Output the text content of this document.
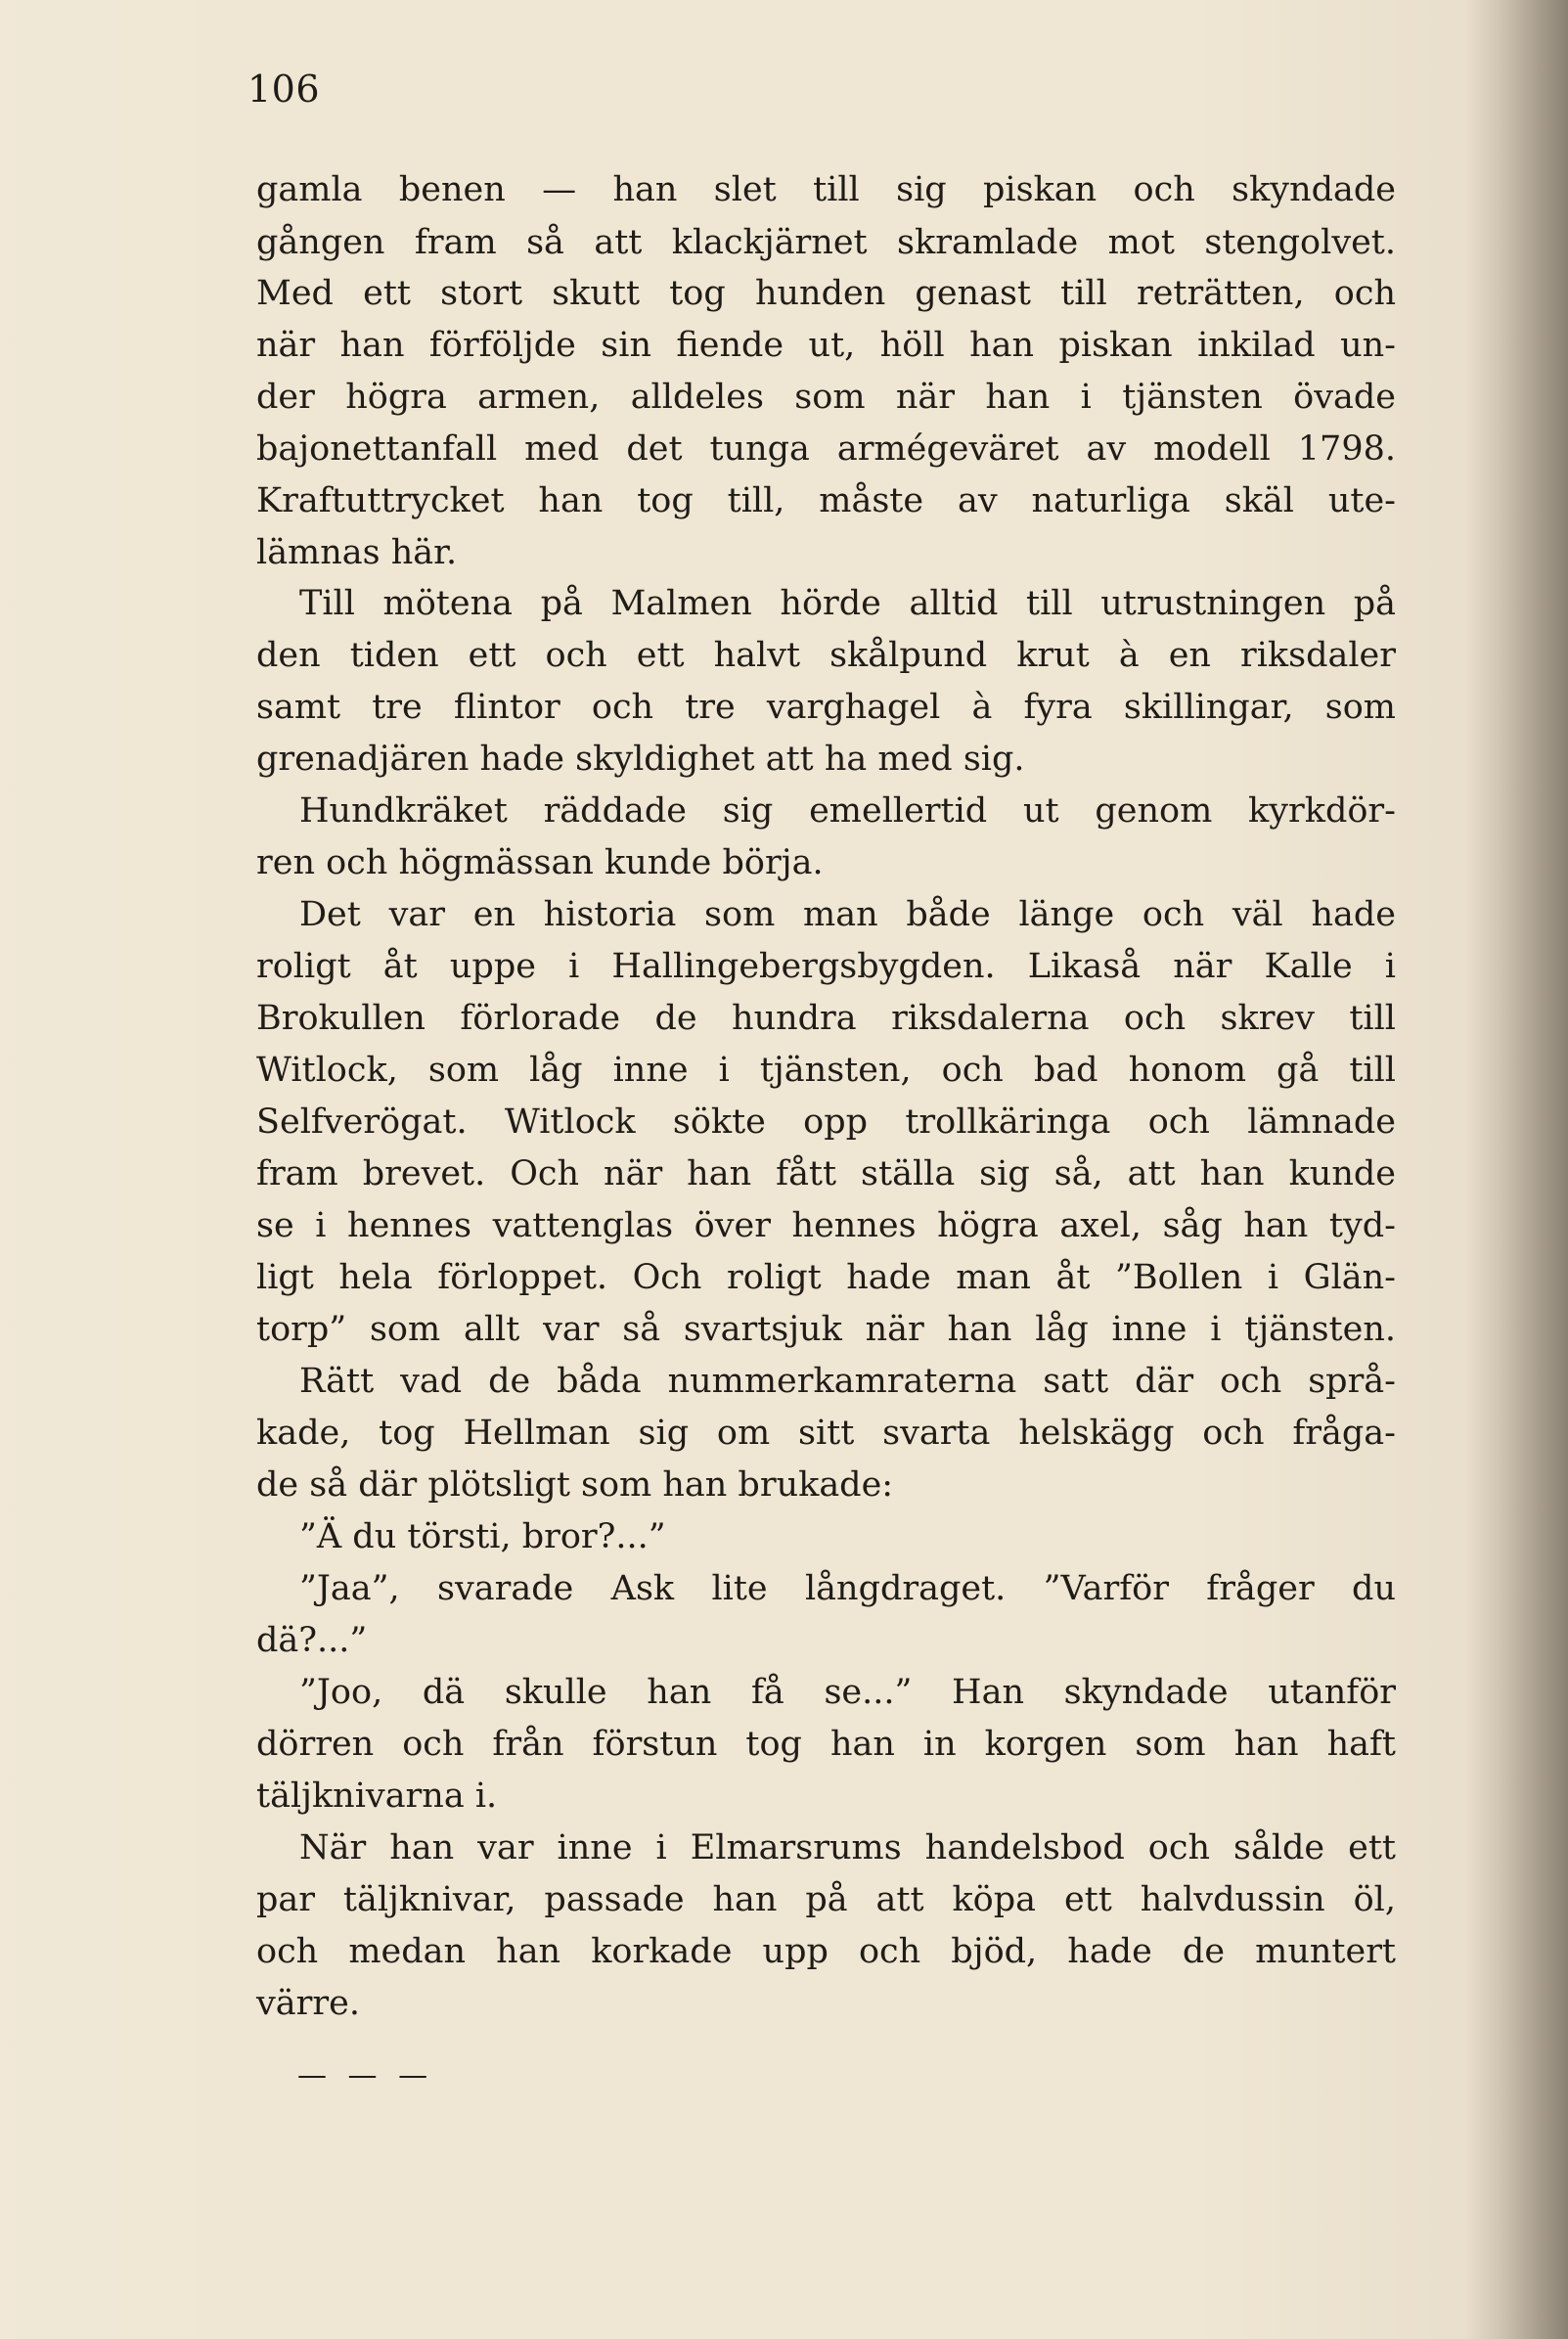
106
gamla benen — han slet till sig piskan och skyndade
gången fram så att klackjärnet skramlade mot stengolvet.
Med ett stort skutt tog hunden genast till reträtten, och
när han förföljde sin fiende ut, höll han piskan inkilad un-
der högra armen, alldeles som när han i tjänsten övade
bajonettanfall med det tunga armégeväret av modell 1798.
Kraftuttrycket han tog till, måste av naturliga skäl ute-
lämnas här.
Till mötena på Malmen hörde alltid till utrustningen på
den tiden ett och ett halvt skålpund krut à en riksdaler
samt tre flintor och tre varghagel à fyra skillingar, som
grenadjären hade skyldighet att ha med sig.
Hundkräket räddade sig emellertid ut genom kyrkdör-
ren och högmässan kunde börja.
Det var en historia som man både länge och väl hade
roligt åt uppe i Hallingebergsbygden. Likaså när Kalle i
Brokullen förlorade de hundra riksdalerna och skrev till
Witlock, som låg inne i tjänsten, och bad honom gå till
Selfverögat. Witlock sökte opp trollkäringa och lämnade
fram brevet. Och när han fått ställa sig så, att han kunde
se i hennes vattenglas över hennes högra axel, såg han tyd-
ligt hela förloppet. Och roligt hade man åt ”Bollen i Glän-
torp” som allt var så svartsjuk när han låg inne i tjänsten.
Rätt vad de båda nummerkamraterna satt där och språ-
kade, tog Hellman sig om sitt svarta helskägg och fråga-
de så där plötsligt som han brukade:
”Ä du törsti, bror?...”
”Jaa”, svarade Ask lite långdraget. ”Varför fråger du
dä?...”
”Joo, dä skulle han få se...” Han skyndade utanför
dörren och från förstun tog han in korgen som han haft
täljknivarna i.
När han var inne i Elmarsrums handelsbod och sålde ett
par täljknivar, passade han på att köpa ett halvdussin öl,
och medan han korkade upp och bjöd, hade de muntert
värre.
— — —
